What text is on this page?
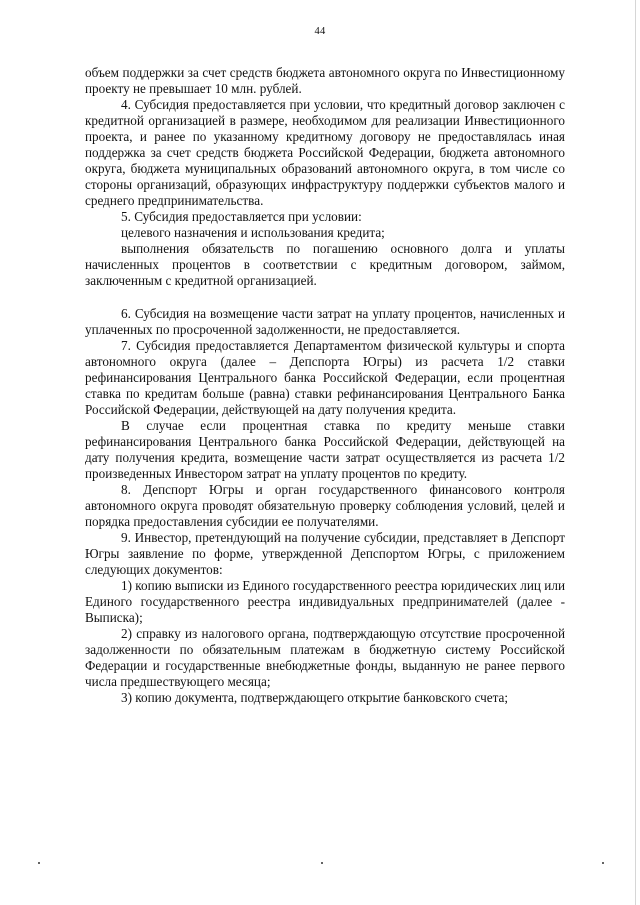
44

объем поддержки за счет средств бюджета автономного округа по Инвестиционному проекту не превышает 10 млн. рублей.

4. Субсидия предоставляется при условии, что кредитный договор заключен с кредитной организацией в размере, необходимом для реализации Инвестиционного проекта, и ранее по указанному кредитному договору не предоставлялась иная поддержка за счет средств бюджета Российской Федерации, бюджета автономного округа, бюджета муниципальных образований автономного округа, в том числе со стороны организаций, образующих инфраструктуру поддержки субъектов малого и среднего предпринимательства.

5. Субсидия предоставляется при условии:

целевого назначения и использования кредита;

выполнения обязательств по погашению основного долга и уплаты начисленных процентов в соответствии с кредитным договором, займом, заключенным с кредитной организацией.

6. Субсидия на возмещение части затрат на уплату процентов, начисленных и уплаченных по просроченной задолженности, не предоставляется.

7. Субсидия предоставляется Департаментом физической культуры и спорта автономного округа (далее – Депспорта Югры) из расчета 1/2 ставки рефинансирования Центрального банка Российской Федерации, если процентная ставка по кредитам больше (равна) ставки рефинансирования Центрального Банка Российской Федерации, действующей на дату получения кредита.

В случае если процентная ставка по кредиту меньше ставки рефинансирования Центрального банка Российской Федерации, действующей на дату получения кредита, возмещение части затрат осуществляется из расчета 1/2 произведенных Инвестором затрат на уплату процентов по кредиту.

8. Депспорт Югры и орган государственного финансового контроля автономного округа проводят обязательную проверку соблюдения условий, целей и порядка предоставления субсидии ее получателями.

9. Инвестор, претендующий на получение субсидии, представляет в Депспорт Югры заявление по форме, утвержденной Депспортом Югры, с приложением следующих документов:

1) копию выписки из Единого государственного реестра юридических лиц или Единого государственного реестра индивидуальных предпринимателей (далее - Выписка);

2) справку из налогового органа, подтверждающую отсутствие просроченной задолженности по обязательным платежам в бюджетную систему Российской Федерации и государственные внебюджетные фонды, выданную не ранее первого числа предшествующего месяца;

3) копию документа, подтверждающего открытие банковского счета;
